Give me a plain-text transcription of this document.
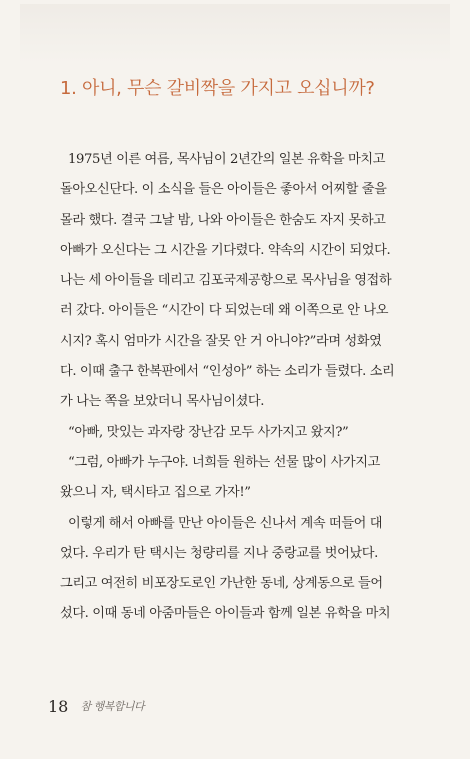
1. 아니, 무슨 갈비짝을 가지고 오십니까?
1975년 이른 여름, 목사님이 2년간의 일본 유학을 마치고
돌아오신단다. 이 소식을 들은 아이들은 좋아서 어찌할 줄을
몰라 했다. 결국 그날 밤, 나와 아이들은 한숨도 자지 못하고
아빠가 오신다는 그 시간을 기다렸다. 약속의 시간이 되었다.
나는 세 아이들을 데리고 김포국제공항으로 목사님을 영접하
러 갔다. 아이들은 “시간이 다 되었는데 왜 이쪽으로 안 나오
시지? 혹시 엄마가 시간을 잘못 안 거 아니야?”라며 성화였
다. 이때 출구 한복판에서 “인성아” 하는 소리가 들렸다. 소리
가 나는 쪽을 보았더니 목사님이셨다.
“아빠, 맛있는 과자랑 장난감 모두 사가지고 왔지?”
“그럼, 아빠가 누구야. 너희들 원하는 선물 많이 사가지고
왔으니 자, 택시타고 집으로 가자!”
이렇게 해서 아빠를 만난 아이들은 신나서 계속 떠들어 대
었다. 우리가 탄 택시는 청량리를 지나 중랑교를 벗어났다.
그리고 여전히 비포장도로인 가난한 동네, 상계동으로 들어
섰다. 이때 동네 아줌마들은 아이들과 함께 일본 유학을 마치
18 참 행복합니다
